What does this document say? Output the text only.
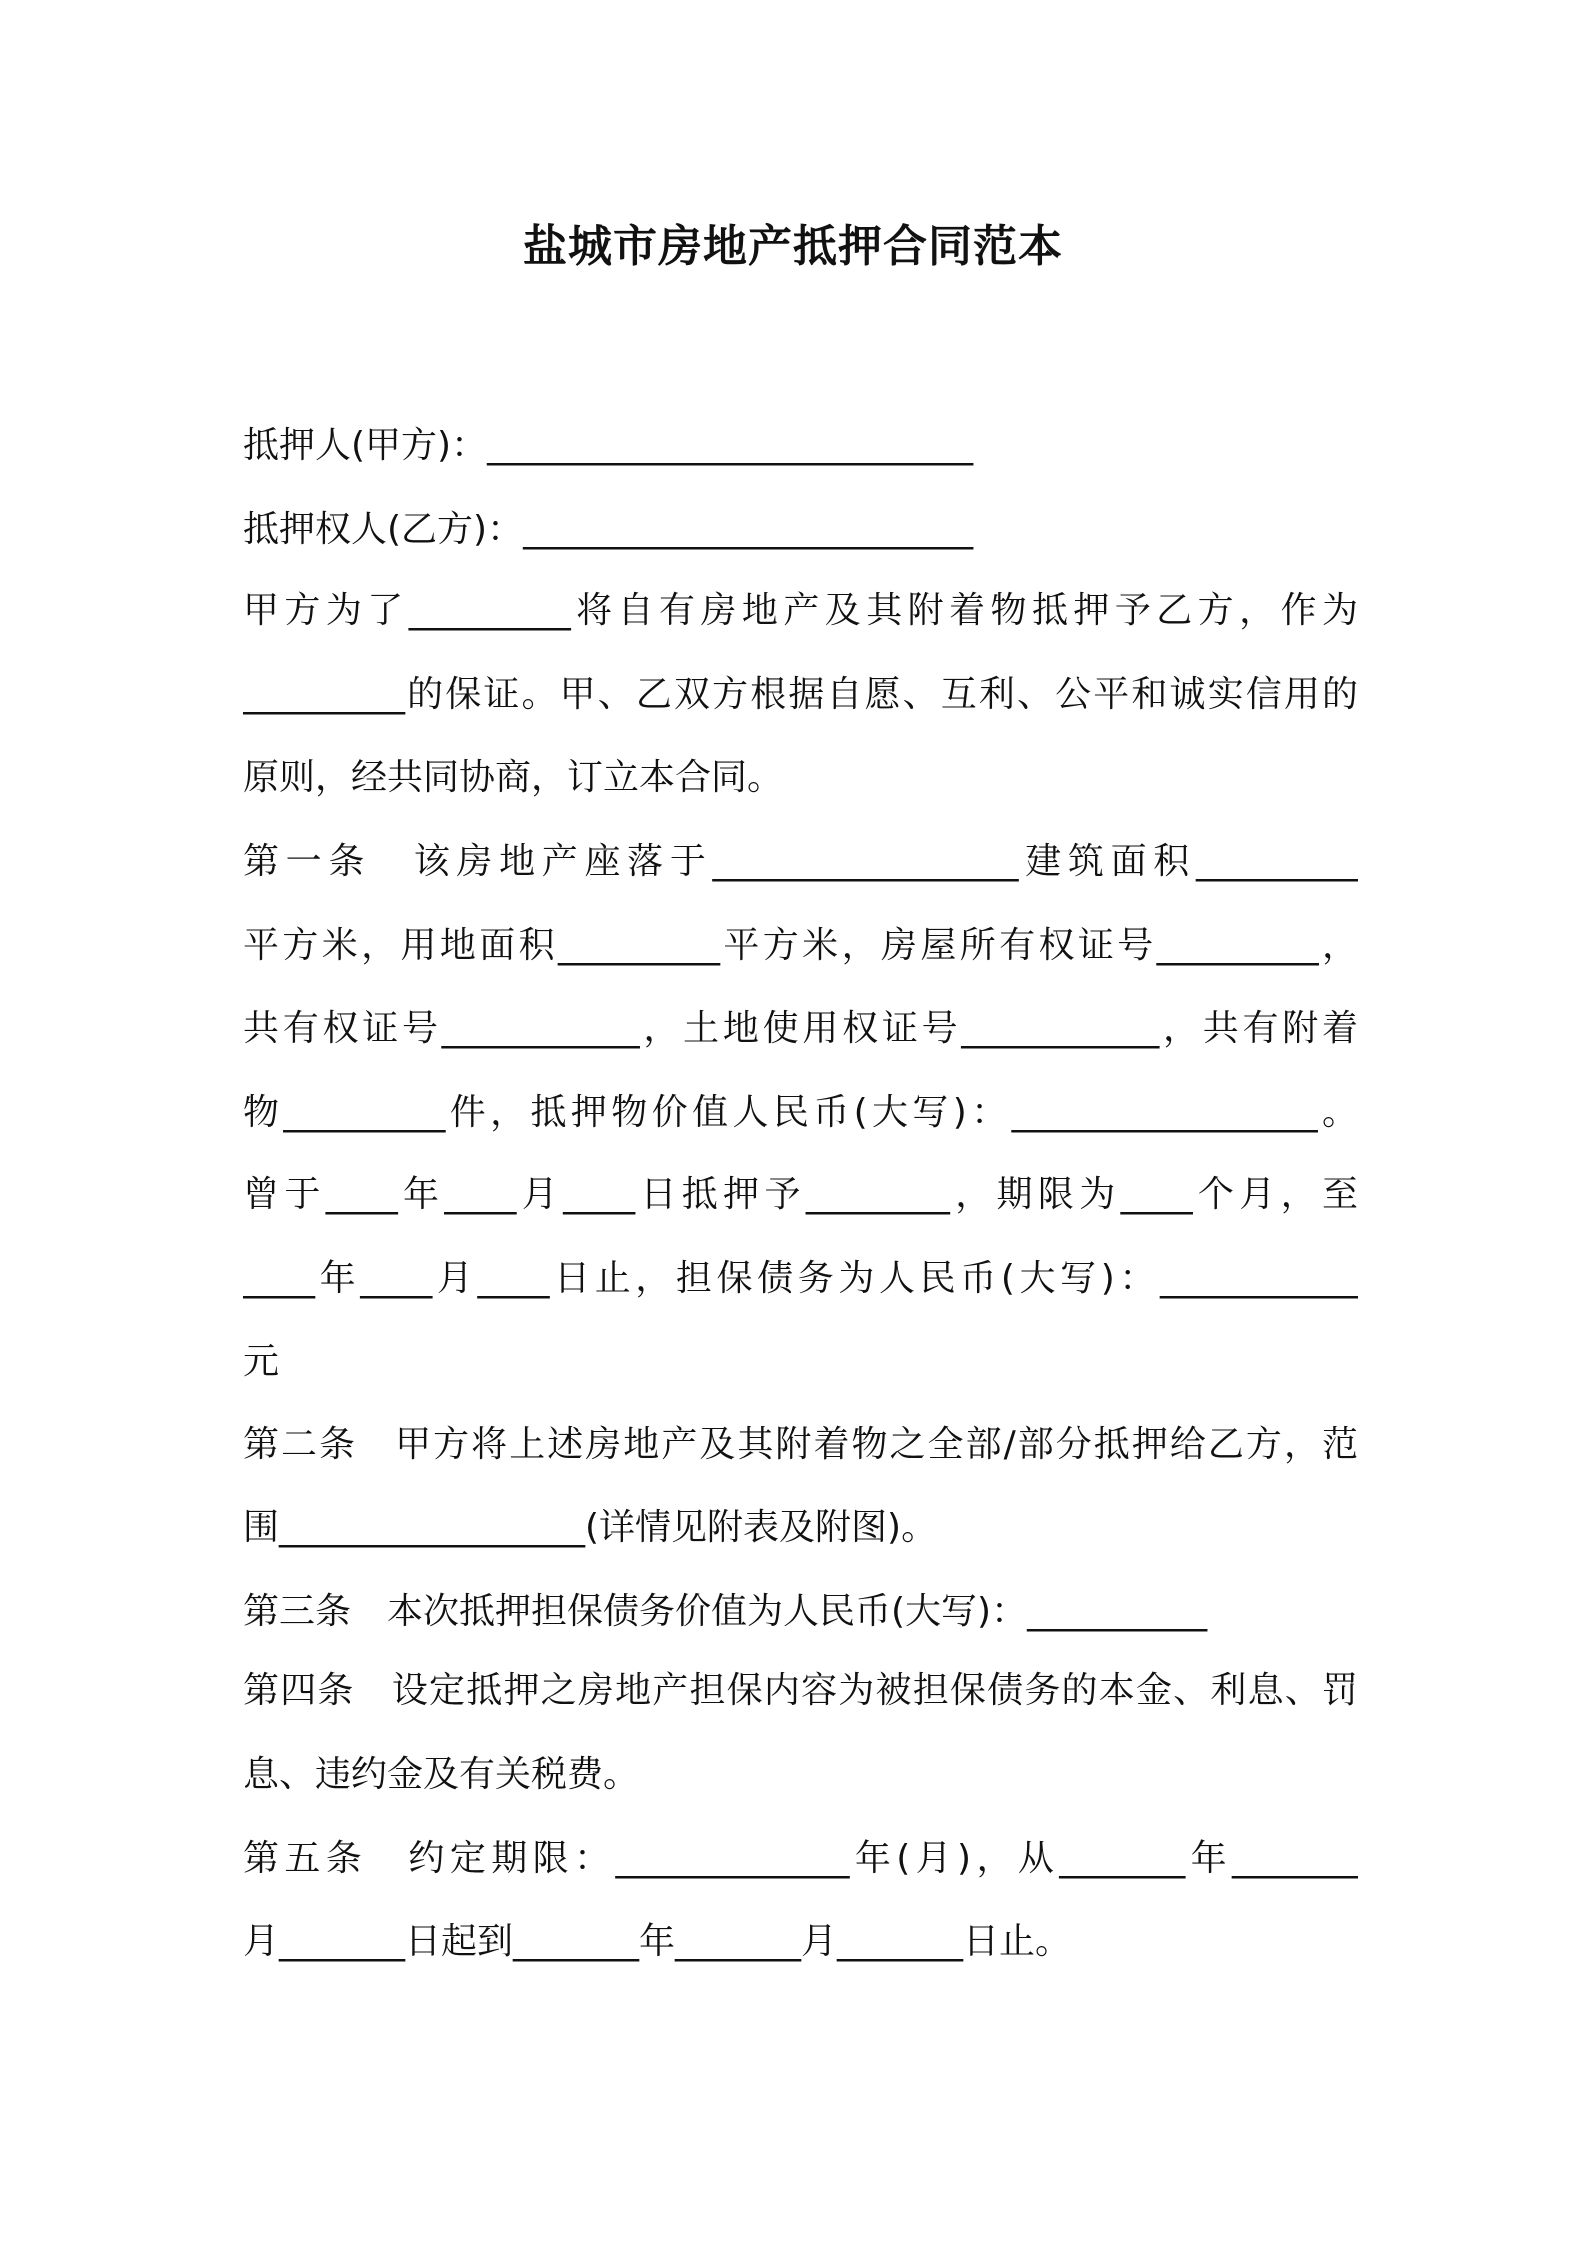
盐城市房地产抵押合同范本
抵押人(甲方)：___________________________
抵押权人(乙方)：_________________________
甲方为了_________将自有房地产及其附着物抵押予乙方，作为
_________的保证。甲、乙双方根据自愿、互利、公平和诚实信用的
原则，经共同协商，订立本合同。
第一条　该房地产座落于_________________建筑面积_________
平方米，用地面积_________平方米，房屋所有权证号_________，
共有权证号___________，土地使用权证号___________，共有附着
物_________件，抵押物价值人民币(大写)：_________________。
曾于____年____月____日抵押予________，期限为____个月，至
____年____月____日止，担保债务为人民币(大写)：___________
元
第二条　甲方将上述房地产及其附着物之全部/部分抵押给乙方，范
围_________________(详情见附表及附图)。
第三条　本次抵押担保债务价值为人民币(大写)：__________
第四条　设定抵押之房地产担保内容为被担保债务的本金、利息、罚
息、违约金及有关税费。
第五条　约定期限：_____________年(月)，从_______年_______
月_______日起到_______年_______月_______日止。
